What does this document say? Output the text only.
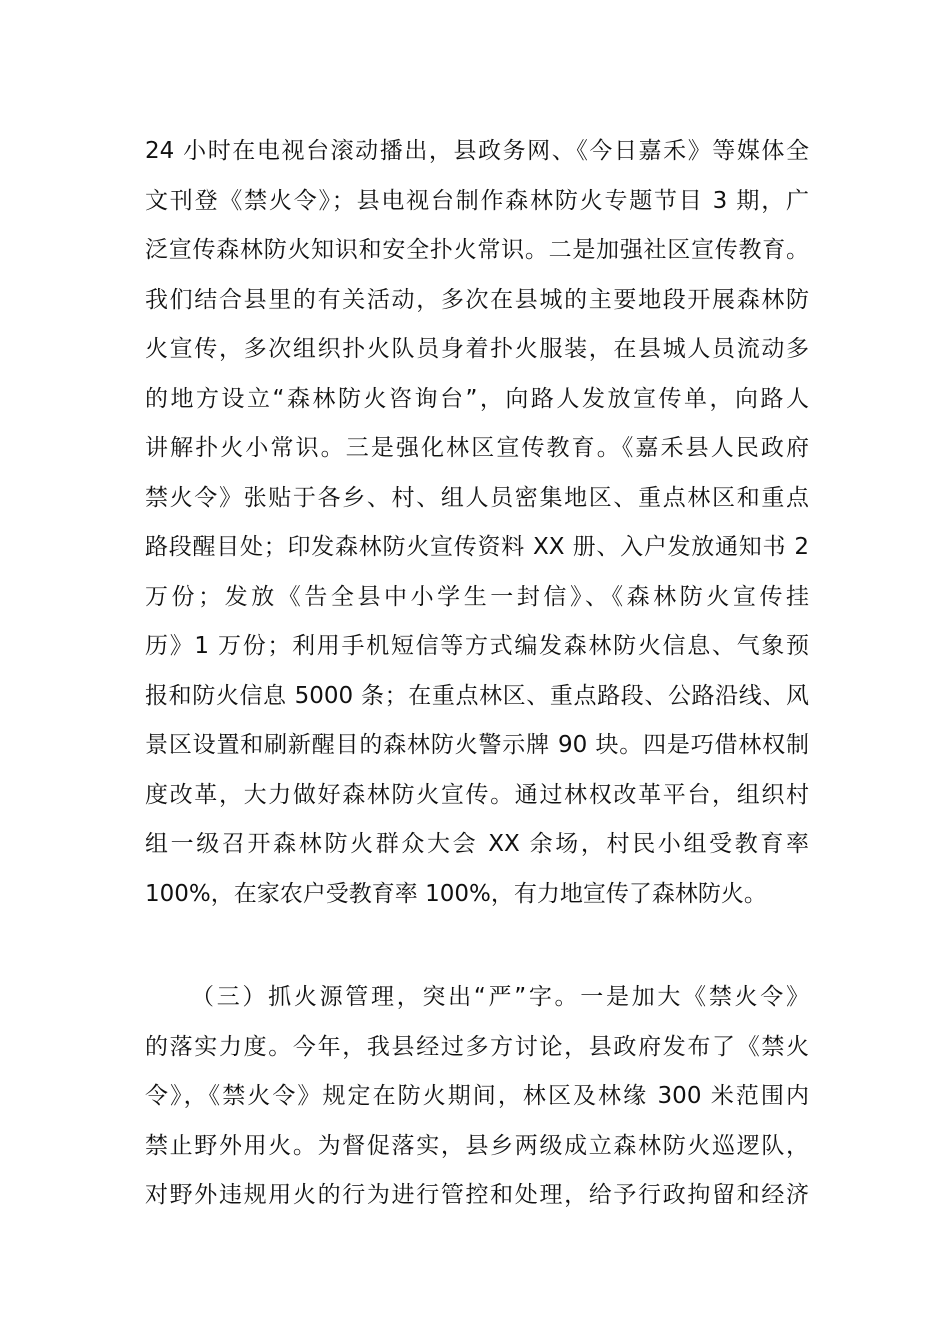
24 小时在电视台滚动播出，县政务网、《今日嘉禾》等媒体全
文刊登《禁火令》；县电视台制作森林防火专题节目 3 期，广
泛宣传森林防火知识和安全扑火常识。二是加强社区宣传教育。
我们结合县里的有关活动，多次在县城的主要地段开展森林防
火宣传，多次组织扑火队员身着扑火服装，在县城人员流动多
的地方设立“森林防火咨询台”，向路人发放宣传单，向路人
讲解扑火小常识。三是强化林区宣传教育。《嘉禾县人民政府
禁火令》张贴于各乡、村、组人员密集地区、重点林区和重点
路段醒目处；印发森林防火宣传资料 XX 册、入户发放通知书 2
万份；发放《告全县中小学生一封信》、《森林防火宣传挂
历》1 万份；利用手机短信等方式编发森林防火信息、气象预
报和防火信息 5000 条；在重点林区、重点路段、公路沿线、风
景区设置和刷新醒目的森林防火警示牌 90 块。四是巧借林权制
度改革，大力做好森林防火宣传。通过林权改革平台，组织村
组一级召开森林防火群众大会 XX 余场，村民小组受教育率
100%，在家农户受教育率 100%，有力地宣传了森林防火。

（三）抓火源管理，突出“严”字。一是加大《禁火令》
的落实力度。今年，我县经过多方讨论，县政府发布了《禁火
令》，《禁火令》规定在防火期间，林区及林缘 300 米范围内
禁止野外用火。为督促落实，县乡两级成立森林防火巡逻队，
对野外违规用火的行为进行管控和处理，给予行政拘留和经济
